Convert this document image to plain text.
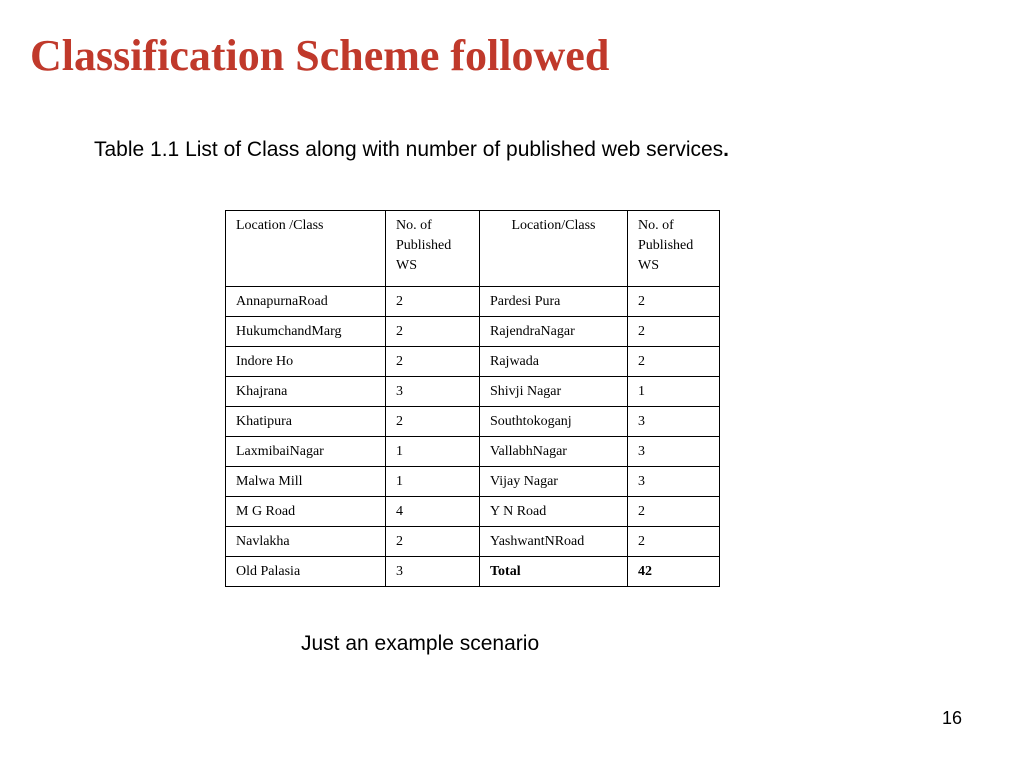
Classification Scheme followed
Table 1.1 List of Class along with number of published web services.
Location /Class	No. of Published WS	Location/Class	No. of Published WS
AnnapurnaRoad	2	Pardesi Pura	2
HukumchandMarg	2	RajendraNagar	2
Indore Ho	2	Rajwada	2
Khajrana	3	Shivji Nagar	1
Khatipura	2	Southtokoganj	3
LaxmibaiNagar	1	VallabhNagar	3
Malwa Mill	1	Vijay Nagar	3
M G Road	4	Y N Road	2
Navlakha	2	YashwantNRoad	2
Old Palasia	3	Total	42
Just an example scenario
16
